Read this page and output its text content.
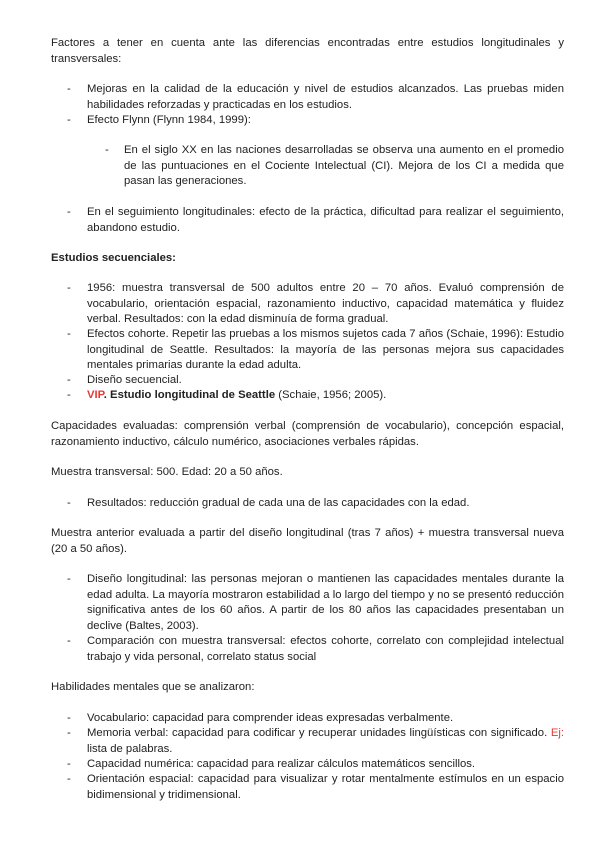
Factores a tener en cuenta ante las diferencias encontradas entre estudios longitudinales y transversales:

- Mejoras en la calidad de la educación y nivel de estudios alcanzados. Las pruebas miden habilidades reforzadas y practicadas en los estudios.
- Efecto Flynn (Flynn 1984, 1999):
- En el siglo XX en las naciones desarrolladas se observa una aumento en el promedio de las puntuaciones en el Cociente Intelectual (CI). Mejora de los CI a medida que pasan las generaciones.
- En el seguimiento longitudinales: efecto de la práctica, dificultad para realizar el seguimiento, abandono estudio.

Estudios secuenciales:

- 1956: muestra transversal de 500 adultos entre 20 – 70 años. Evaluó comprensión de vocabulario, orientación espacial, razonamiento inductivo, capacidad matemática y fluidez verbal. Resultados: con la edad disminuía de forma gradual.
- Efectos cohorte. Repetir las pruebas a los mismos sujetos cada 7 años (Schaie, 1996): Estudio longitudinal de Seattle. Resultados: la mayoría de las personas mejora sus capacidades mentales primarias durante la edad adulta.
- Diseño secuencial.
- VIP. Estudio longitudinal de Seattle (Schaie, 1956; 2005).

Capacidades evaluadas: comprensión verbal (comprensión de vocabulario), concepción espacial, razonamiento inductivo, cálculo numérico, asociaciones verbales rápidas.

Muestra transversal: 500. Edad: 20 a 50 años.

- Resultados: reducción gradual de cada una de las capacidades con la edad.

Muestra anterior evaluada a partir del diseño longitudinal (tras 7 años) + muestra transversal nueva (20 a 50 años).

- Diseño longitudinal: las personas mejoran o mantienen las capacidades mentales durante la edad adulta. La mayoría mostraron estabilidad a lo largo del tiempo y no se presentó reducción significativa antes de los 60 años. A partir de los 80 años las capacidades presentaban un declive (Baltes, 2003).
- Comparación con muestra transversal: efectos cohorte, correlato con complejidad intelectual trabajo y vida personal, correlato status social

Habilidades mentales que se analizaron:

- Vocabulario: capacidad para comprender ideas expresadas verbalmente.
- Memoria verbal: capacidad para codificar y recuperar unidades lingüísticas con significado. Ej: lista de palabras.
- Capacidad numérica: capacidad para realizar cálculos matemáticos sencillos.
- Orientación espacial: capacidad para visualizar y rotar mentalmente estímulos en un espacio bidimensional y tridimensional.
